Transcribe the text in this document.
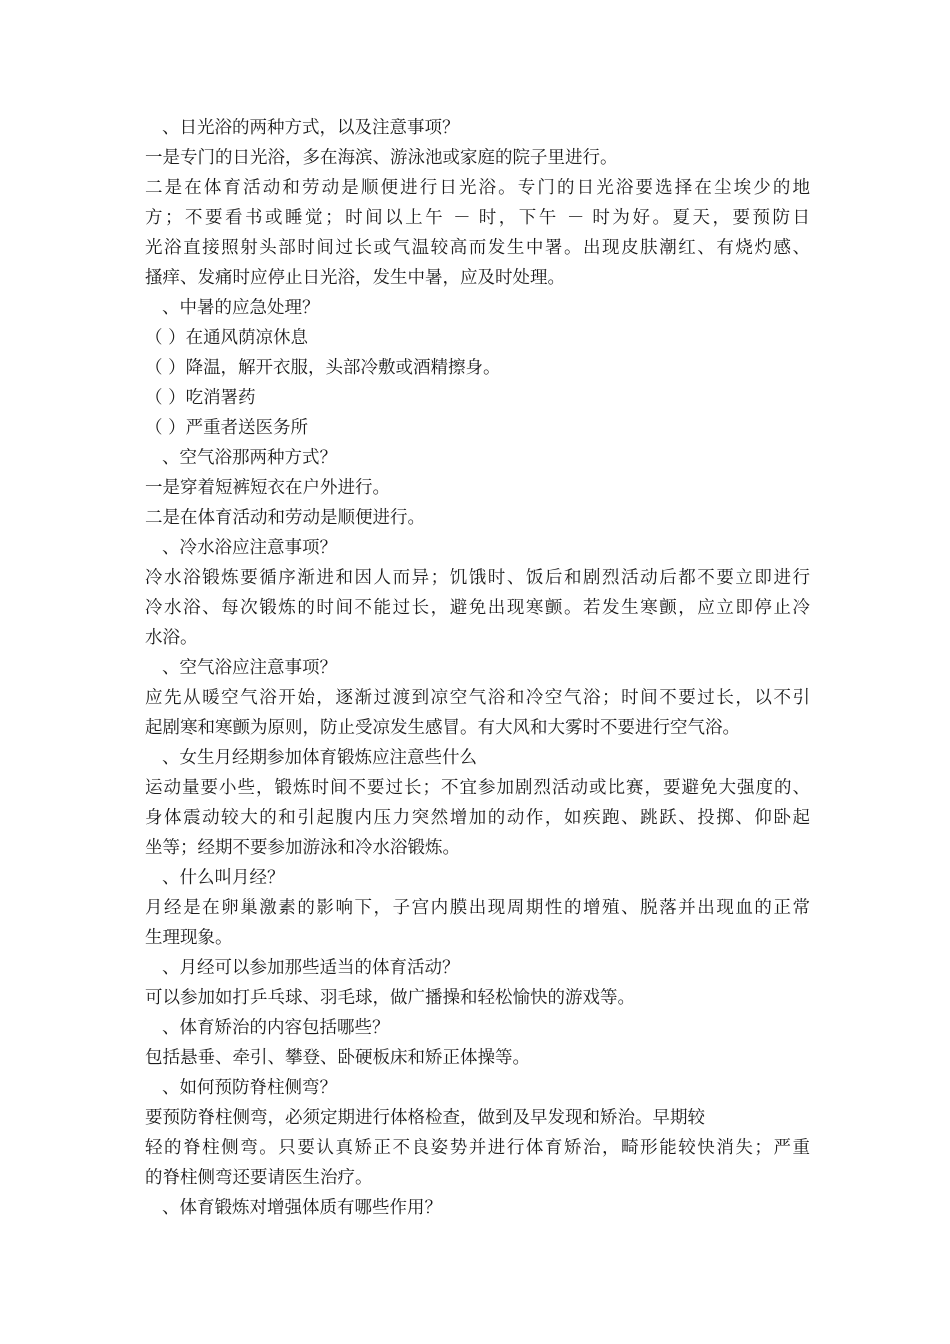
、日光浴的两种方式，以及注意事项？
一是专门的日光浴，多在海滨、游泳池或家庭的院子里进行。
二是在体育活动和劳动是顺便进行日光浴。专门的日光浴要选择在尘埃少的地
方；不要看书或睡觉；时间以上午 － 时，下午 － 时为好。夏天，要预防日
光浴直接照射头部时间过长或气温较高而发生中署。出现皮肤潮红、有烧灼感、
搔痒、发痛时应停止日光浴，发生中暑，应及时处理。
、中暑的应急处理？
（ ）在通风荫凉休息
（ ）降温，解开衣服，头部冷敷或酒精擦身。
（ ）吃消署药
（ ）严重者送医务所
、空气浴那两种方式？
一是穿着短裤短衣在户外进行。
二是在体育活动和劳动是顺便进行。
、冷水浴应注意事项？
冷水浴锻炼要循序渐进和因人而异；饥饿时、饭后和剧烈活动后都不要立即进行
冷水浴、每次锻炼的时间不能过长，避免出现寒颤。若发生寒颤，应立即停止冷
水浴。
、空气浴应注意事项？
应先从暖空气浴开始，逐渐过渡到凉空气浴和冷空气浴；时间不要过长，以不引
起剧寒和寒颤为原则，防止受凉发生感冒。有大风和大雾时不要进行空气浴。
、女生月经期参加体育锻炼应注意些什么
运动量要小些，锻炼时间不要过长；不宜参加剧烈活动或比赛，要避免大强度的、
身体震动较大的和引起腹内压力突然增加的动作，如疾跑、跳跃、投掷、仰卧起
坐等；经期不要参加游泳和冷水浴锻炼。
、什么叫月经？
月经是在卵巢激素的影响下，子宫内膜出现周期性的增殖、脱落并出现血的正常
生理现象。
、月经可以参加那些适当的体育活动？
可以参加如打乒乓球、羽毛球，做广播操和轻松愉快的游戏等。
、体育矫治的内容包括哪些？
包括悬垂、牵引、攀登、卧硬板床和矫正体操等。
、如何预防脊柱侧弯？
要预防脊柱侧弯，必须定期进行体格检查，做到及早发现和矫治。早期较
轻的脊柱侧弯。只要认真矫正不良姿势并进行体育矫治，畸形能较快消失；严重
的脊柱侧弯还要请医生治疗。
、体育锻炼对增强体质有哪些作用？
